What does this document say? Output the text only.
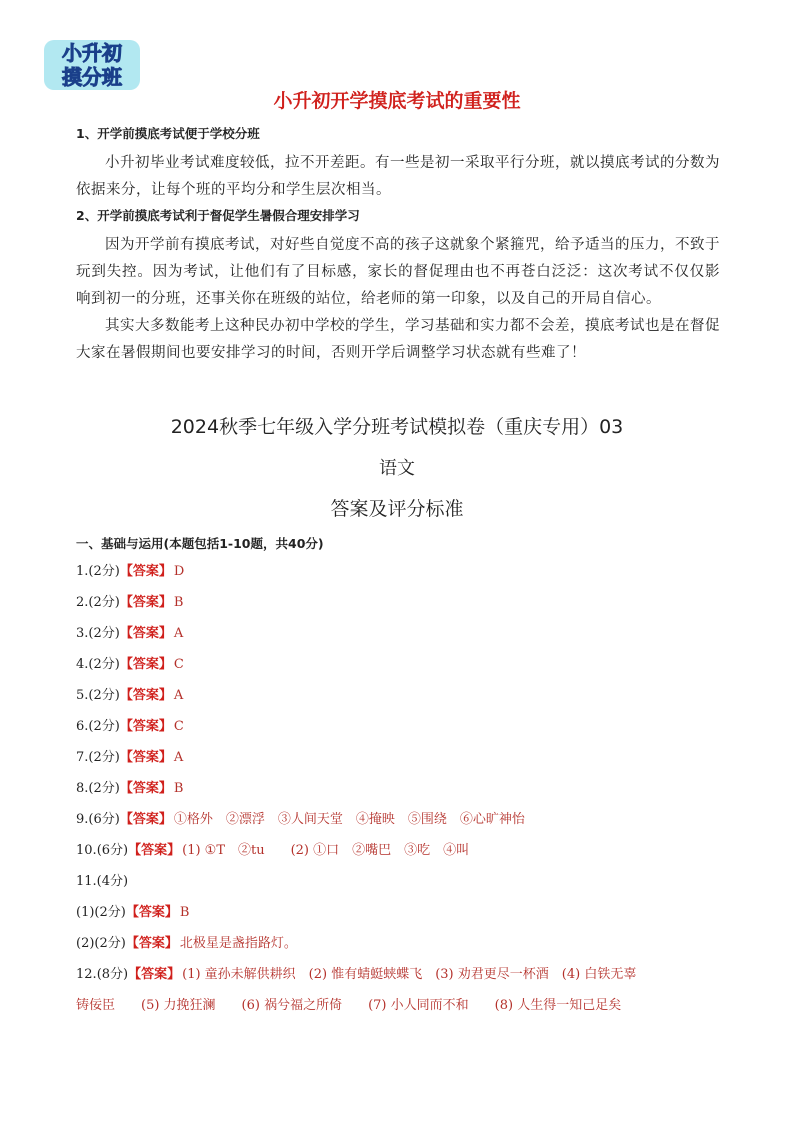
小升初
摸分班
小升初开学摸底考试的重要性
1、开学前摸底考试便于学校分班

小升初毕业考试难度较低，拉不开差距。有一些是初一采取平行分班，就以摸底考试的分数为依据来分，让每个班的平均分和学生层次相当。

2、开学前摸底考试利于督促学生暑假合理安排学习

因为开学前有摸底考试，对好些自觉度不高的孩子这就象个紧箍咒，给予适当的压力，不致于玩到失控。因为考试，让他们有了目标感，家长的督促理由也不再苍白泛泛：这次考试不仅仅影响到初一的分班，还事关你在班级的站位，给老师的第一印象，以及自己的开局自信心。

其实大多数能考上这种民办初中学校的学生，学习基础和实力都不会差，摸底考试也是在督促大家在暑假期间也要安排学习的时间，否则开学后调整学习状态就有些难了！

2024秋季七年级入学分班考试模拟卷（重庆专用）03
语文
答案及评分标准
一、基础与运用(本题包括1-10题，共40分)
1.(2分)【答案】 D
2.(2分)【答案】 B
3.(2分)【答案】 A
4.(2分)【答案】 C
5.(2分)【答案】 A
6.(2分)【答案】 C
7.(2分)【答案】 A
8.(2分)【答案】 B
9.(6分)【答案】 ①格外　②漂浮　③人间天堂　④掩映　⑤围绕　⑥心旷神怡
10.(6分)【答案】 (1) ①T　②tu　　(2) ①口　②嘴巴　③吃　④叫
11.(4分)
(1)(2分)【答案】 B
(2)(2分)【答案】 北极星是盏指路灯。
12.(8分)【答案】 (1) 童孙未解供耕织　(2) 惟有蜻蜓蛱蝶飞　(3) 劝君更尽一杯酒　(4) 白铁无辜
铸佞臣　　(5) 力挽狂澜　　(6) 祸兮福之所倚　　(7) 小人同而不和　　(8) 人生得一知己足矣
